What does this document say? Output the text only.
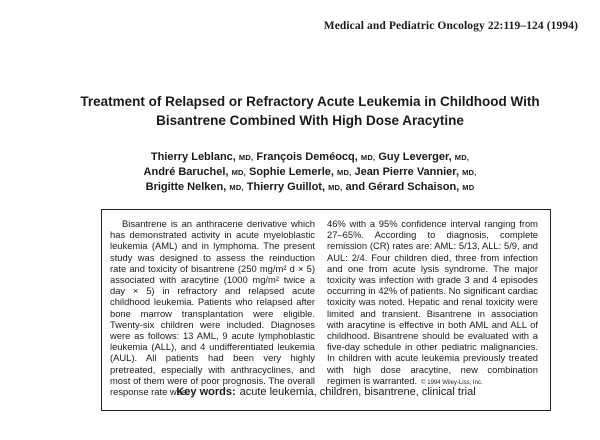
Medical and Pediatric Oncology 22:119–124 (1994)
Treatment of Relapsed or Refractory Acute Leukemia in Childhood With
Bisantrene Combined With High Dose Aracytine
Thierry Leblanc, MD, François Deméocq, MD, Guy Leverger, MD,
André Baruchel, MD, Sophie Lemerle, MD, Jean Pierre Vannier, MD,
Brigitte Nelken, MD, Thierry Guillot, MD, and Gérard Schaison, MD

Bisantrene is an anthracene derivative which has demonstrated activity in acute myeloblastic leukemia (AML) and in lymphoma. The present study was designed to assess the reinduction rate and toxicity of bisantrene (250 mg/m² d × 5) associated with aracytine (1000 mg/m² twice a day × 5) in refractory and relapsed acute childhood leukemia. Patients who relapsed after bone marrow transplantation were eligible. Twenty-six children were included. Diagnoses were as follows: 13 AML, 9 acute lymphoblastic leukemia (ALL), and 4 undifferentiated leukemia (AUL). All patients had been very highly pretreated, especially with anthracyclines, and most of them were of poor prognosis. The overall response rate was

46% with a 95% confidence interval ranging from 27–65%. According to diagnosis, complete remission (CR) rates are: AML: 5/13, ALL: 5/9, and AUL: 2/4. Four children died, three from infection and one from acute lysis syndrome. The major toxicity was infection with grade 3 and 4 episodes occurring in 42% of patients. No significant cardiac toxicity was noted. Hepatic and renal toxicity were limited and transient. Bisantrene in association with aracytine is effective in both AML and ALL of childhood. Bisantrene should be evaluated with a five-day schedule in other pediatric malignancies. In children with acute leukemia previously treated with high dose aracytine, new combination regimen is warranted. © 1994 Wiley-Liss, Inc.

Key words: acute leukemia, children, bisantrene, clinical trial
